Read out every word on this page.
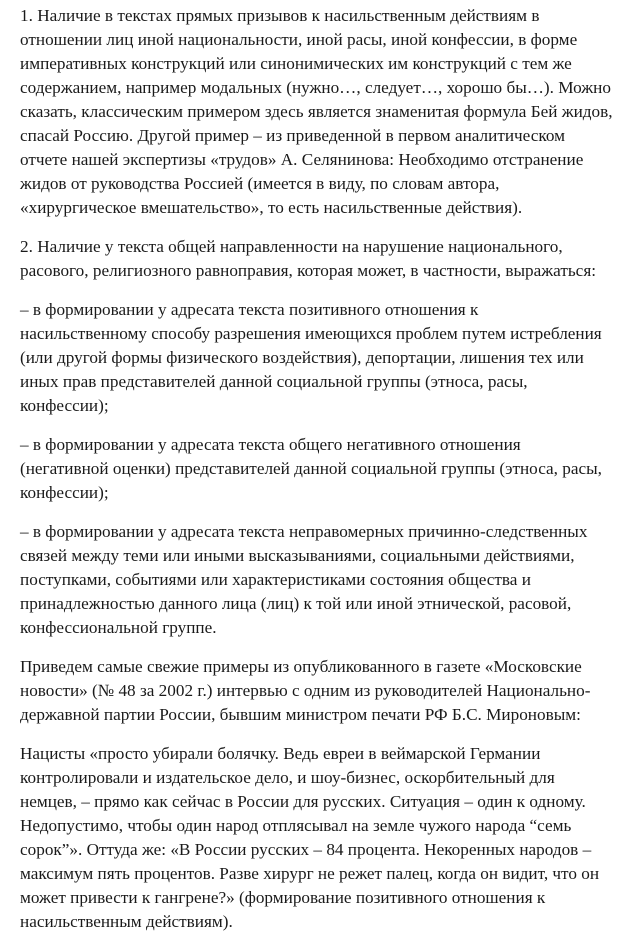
1. Наличие в текстах прямых призывов к насильственным действиям в
отношении лиц иной национальности, иной расы, иной конфессии, в форме
императивных конструкций или синонимических им конструкций с тем же
содержанием, например модальных (нужно…, следует…, хорошо бы…). Можно
сказать, классическим примером здесь является знаменитая формула Бей жидов,
спасай Россию. Другой пример – из приведенной в первом аналитическом
отчете нашей экспертизы «трудов» А. Селянинова: Необходимо отстранение
жидов от руководства Россией (имеется в виду, по словам автора,
«хирургическое вмешательство», то есть насильственные действия).
2. Наличие у текста общей направленности на нарушение национального,
расового, религиозного равноправия, которая может, в частности, выражаться:
– в формировании у адресата текста позитивного отношения к
насильственному способу разрешения имеющихся проблем путем истребления
(или другой формы физического воздействия), депортации, лишения тех или
иных прав представителей данной социальной группы (этноса, расы,
конфессии);
– в формировании у адресата текста общего негативного отношения
(негативной оценки) представителей данной социальной группы (этноса, расы,
конфессии);
– в формировании у адресата текста неправомерных причинно-следственных
связей между теми или иными высказываниями, социальными действиями,
поступками, событиями или характеристиками состояния общества и
принадлежностью данного лица (лиц) к той или иной этнической, расовой,
конфессиональной группе.
Приведем самые свежие примеры из опубликованного в газете «Московские
новости» (№ 48 за 2002 г.) интервью с одним из руководителей Национально-
державной партии России, бывшим министром печати РФ Б.С. Мироновым:
Нацисты «просто убирали болячку. Ведь евреи в веймарской Германии
контролировали и издательское дело, и шоу-бизнес, оскорбительный для
немцев, – прямо как сейчас в России для русских. Ситуация – один к одному.
Недопустимо, чтобы один народ отплясывал на земле чужого народа “семь
сорок”». Оттуда же: «В России русских – 84 процента. Некоренных народов –
максимум пять процентов. Разве хирург не режет палец, когда он видит, что он
может привести к гангрене?» (формирование позитивного отношения к
насильственным действиям).
